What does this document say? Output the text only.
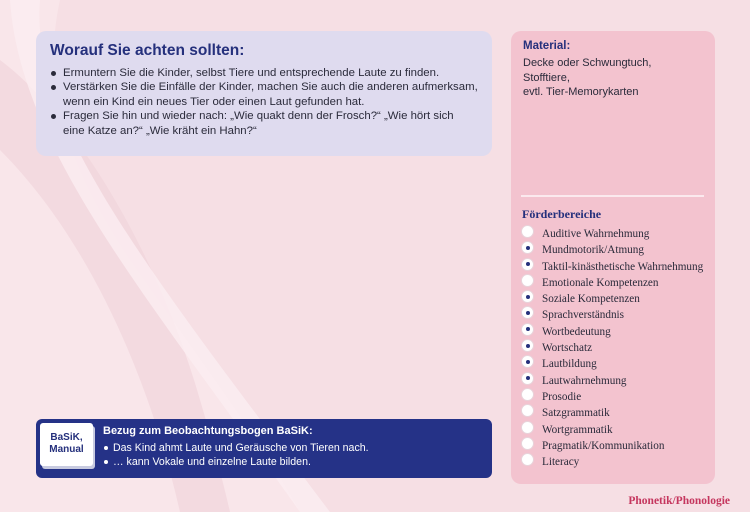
Worauf Sie achten sollten:
Ermuntern Sie die Kinder, selbst Tiere und entsprechende Laute zu finden.
Verstärken Sie die Einfälle der Kinder, machen Sie auch die anderen aufmerksam, wenn ein Kind ein neues Tier oder einen Laut gefunden hat.
Fragen Sie hin und wieder nach: „Wie quakt denn der Frosch?“ „Wie hört sich eine Katze an?“ „Wie kräht ein Hahn?“
Material:
Decke oder Schwungtuch,
Stofftiere,
evtl. Tier-Memorykarten
Förderbereiche
Auditive Wahrnehmung
Mundmotorik/Atmung
Taktil-kinästhetische Wahrnehmung
Emotionale Kompetenzen
Soziale Kompetenzen
Sprachverständnis
Wortbedeutung
Wortschatz
Lautbildung
Lautwahrnehmung
Prosodie
Satzgrammatik
Wortgrammatik
Pragmatik/Kommunikation
Literacy
BaSiK,
Manual
Bezug zum Beobachtungsbogen BaSiK:
Das Kind ahmt Laute und Geräusche von Tieren nach.
… kann Vokale und einzelne Laute bilden.
Phonetik/Phonologie
